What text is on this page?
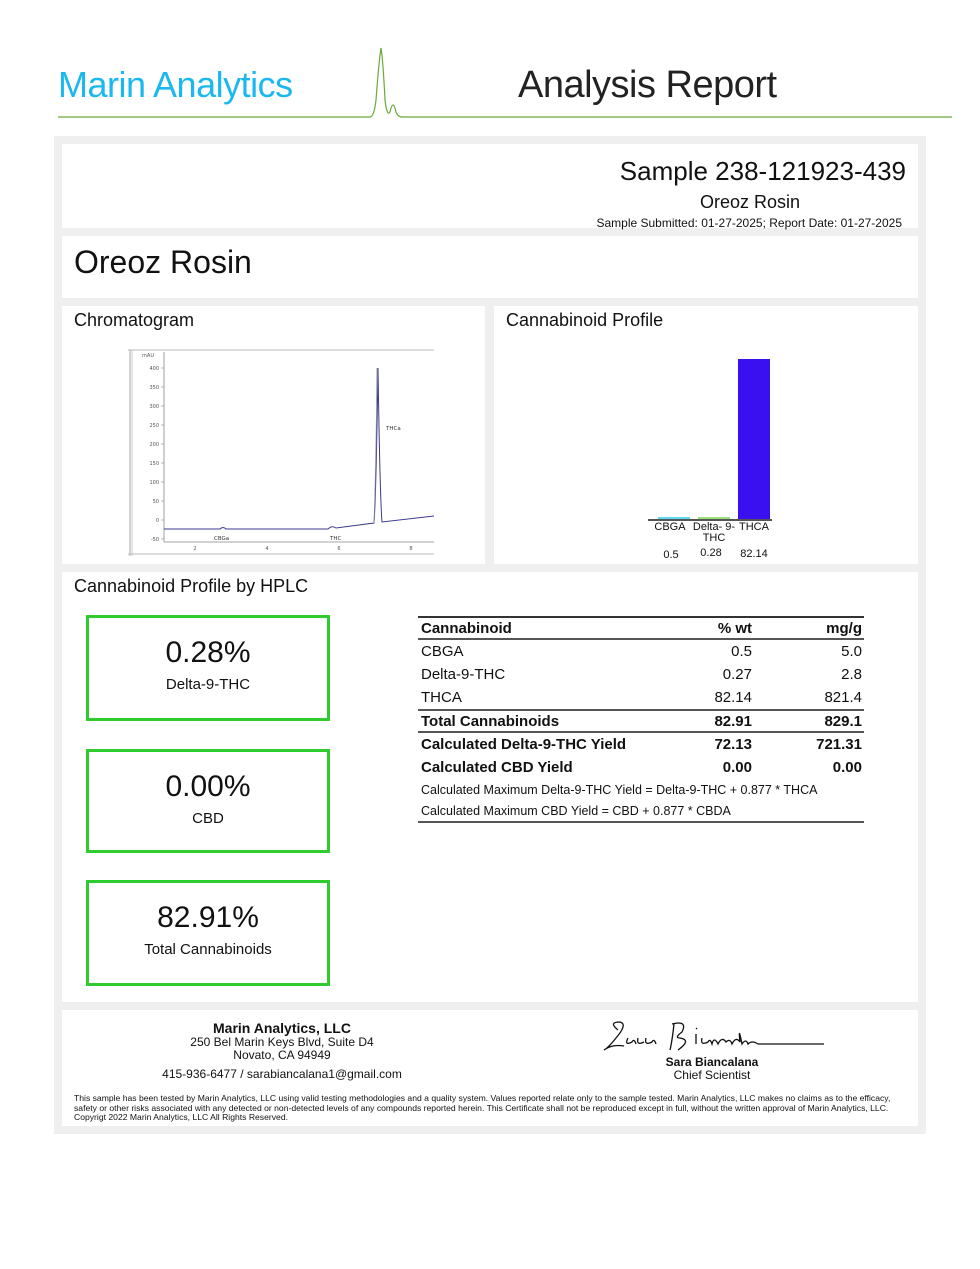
Marin Analytics	Analysis Report
Sample 238-121923-439
Oreoz Rosin
Sample Submitted: 01-27-2025; Report Date: 01-27-2025
Oreoz Rosin
Chromatogram
mAU
400
350
300
250
200
150
100
50
0
-50
2	4	6	8
CBGa	THC
THCa
Cannabinoid Profile
CBGA Delta- 9-THC
THCA
0.5	0.28	82.14
Cannabinoid Profile by HPLC
0.28%
Delta-9-THC
0.00%
CBD
82.91%
Total Cannabinoids
Cannabinoid	% wt	mg/g
CBGA	0.5	5.0
Delta-9-THC	0.27	2.8
THCA	82.14	821.4
Total Cannabinoids	82.91	829.1
Calculated Delta-9-THC Yield	72.13	721.31
Calculated CBD Yield	0.00	0.00
Calculated Maximum Delta-9-THC Yield = Delta-9-THC + 0.877 * THCA
Calculated Maximum CBD Yield = CBD + 0.877 * CBDA
Marin Analytics, LLC
250 Bel Marin Keys Blvd, Suite D4
Novato, CA 94949
415-936-6477 / sarabiancalana1@gmail.com
Sara Biancalana
Chief Scientist
This sample has been tested by Marin Analytics, LLC using valid testing methodologies and a quality system. Values reported relate only to the sample tested. Marin Analytics, LLC makes no claims as to the efficacy, safety or other risks associated with any detected or non-detected levels of any compounds reported herein. This Certificate shall not be reproduced except in full, without the written approval of Marin Analytics, LLC. Copyrigt 2022 Marin Analytics, LLC All Rights Reserved.
